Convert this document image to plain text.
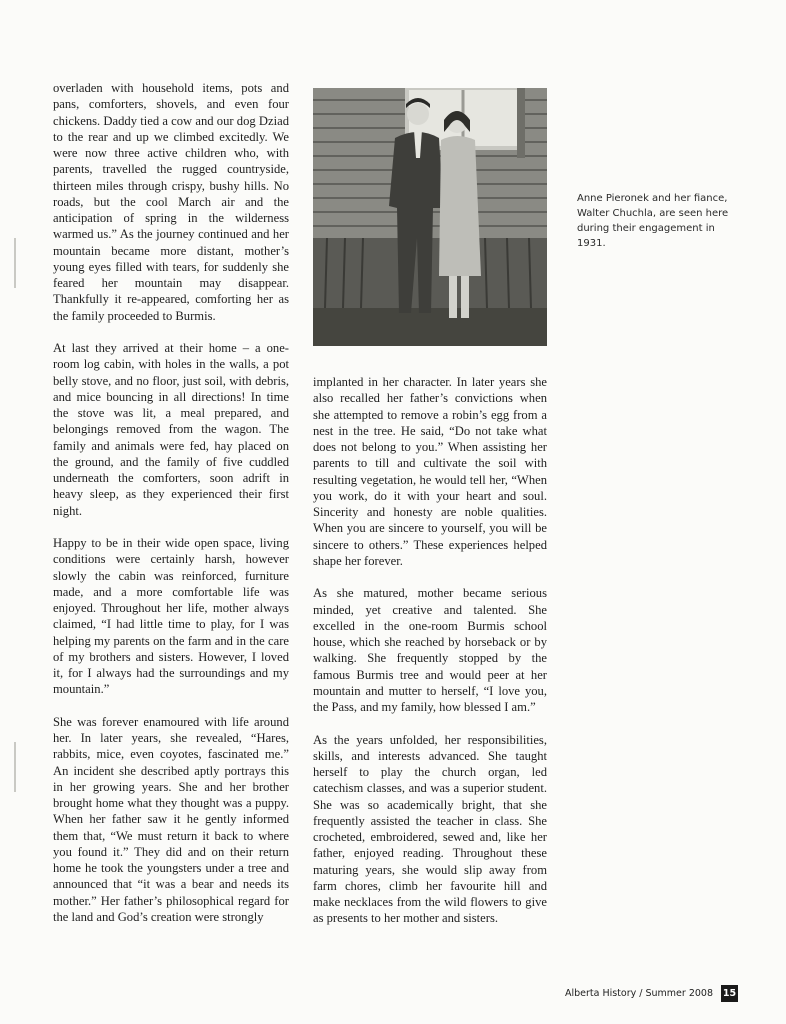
overladen with household items, pots and pans, comforters, shovels, and even four chickens. Daddy tied a cow and our dog Dziad to the rear and up we climbed excitedly. We were now three active children who, with parents, travelled the rugged countryside, thirteen miles through crispy, bushy hills. No roads, but the cool March air and the anticipation of spring in the wilderness warmed us.” As the journey continued and her mountain became more distant, mother’s young eyes filled with tears, for suddenly she feared her mountain may disappear. Thankfully it re-appeared, comforting her as the family proceeded to Burmis.

At last they arrived at their home – a one-room log cabin, with holes in the walls, a pot belly stove, and no floor, just soil, with debris, and mice bouncing in all directions! In time the stove was lit, a meal prepared, and belongings removed from the wagon. The family and animals were fed, hay placed on the ground, and the family of five cuddled underneath the comforters, soon adrift in heavy sleep, as they experienced their first night.

Happy to be in their wide open space, living conditions were certainly harsh, however slowly the cabin was reinforced, furniture made, and a more comfortable life was enjoyed. Throughout her life, mother always claimed, “I had little time to play, for I was helping my parents on the farm and in the care of my brothers and sisters. However, I loved it, for I always had the surroundings and my mountain.”

She was forever enamoured with life around her. In later years, she revealed, “Hares, rabbits, mice, even coyotes, fascinated me.” An incident she described aptly portrays this in her growing years. She and her brother brought home what they thought was a puppy. When her father saw it he gently informed them that, “We must return it back to where you found it.” They did and on their return home he took the youngsters under a tree and announced that “it was a bear and needs its mother.” Her father’s philosophical regard for the land and God’s creation were strongly

Anne Pieronek and her fiance, Walter Chuchla, are seen here during their engagement in 1931.

implanted in her character. In later years she also recalled her father’s convictions when she attempted to remove a robin’s egg from a nest in the tree. He said, “Do not take what does not belong to you.” When assisting her parents to till and cultivate the soil with resulting vegetation, he would tell her, “When you work, do it with your heart and soul. Sincerity and honesty are noble qualities. When you are sincere to yourself, you will be sincere to others.” These experiences helped shape her forever.

As she matured, mother became serious minded, yet creative and talented. She excelled in the one-room Burmis school house, which she reached by horseback or by walking. She frequently stopped by the famous Burmis tree and would peer at her mountain and mutter to herself, “I love you, the Pass, and my family, how blessed I am.”

As the years unfolded, her responsibilities, skills, and interests advanced. She taught herself to play the church organ, led catechism classes, and was a superior student. She was so academically bright, that she frequently assisted the teacher in class. She crocheted, embroidered, sewed and, like her father, enjoyed reading. Throughout these maturing years, she would slip away from farm chores, climb her favourite hill and make necklaces from the wild flowers to give as presents to her mother and sisters.

Alberta History / Summer 2008 15
